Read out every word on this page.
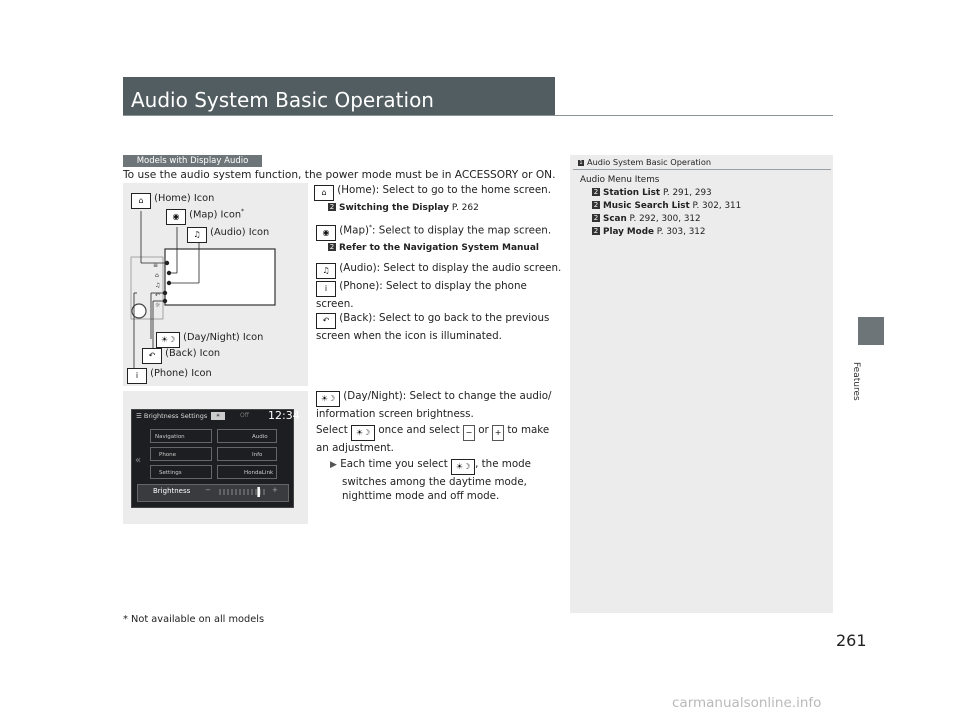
Audio System Basic Operation
Features
Models with Display Audio
To use the audio system function, the power mode must be in ACCESSORY or ON.
≡
⌂
♫
↶
☼
⌂ (Home) Icon
◉ (Map) Icon*
♫ (Audio) Icon
☀☽ (Day/Night) Icon
↶ (Back) Icon
i (Phone) Icon
⌂ (Home): Select to go to the home screen.
2 Switching the Display P. 262
◉ (Map)*: Select to display the map screen.
2 Refer to the Navigation System Manual
♫ (Audio): Select to display the audio screen.
i (Phone): Select to display the phone
screen.
↶ (Back): Select to go back to the previous
screen when the icon is illuminated.
☀☽ (Day/Night): Select to change the audio/
information screen brightness.
Select ☀☽ once and select − or + to make
an adjustment.
▶ Each time you select ☀☽ , the mode
switches among the daytime mode,
nighttime mode and off mode.
☰ Brightness Settings	☀	Off 12:34
Navigation	Audio
Phone	Info
Settings	HondaLink
«
Brightness −	+
1 Audio System Basic Operation
Audio Menu Items
2 Station List P. 291, 293
2 Music Search List P. 302, 311
2 Scan P. 292, 300, 312
2 Play Mode P. 303, 312
* Not available on all models
261
carmanualsonline.info
